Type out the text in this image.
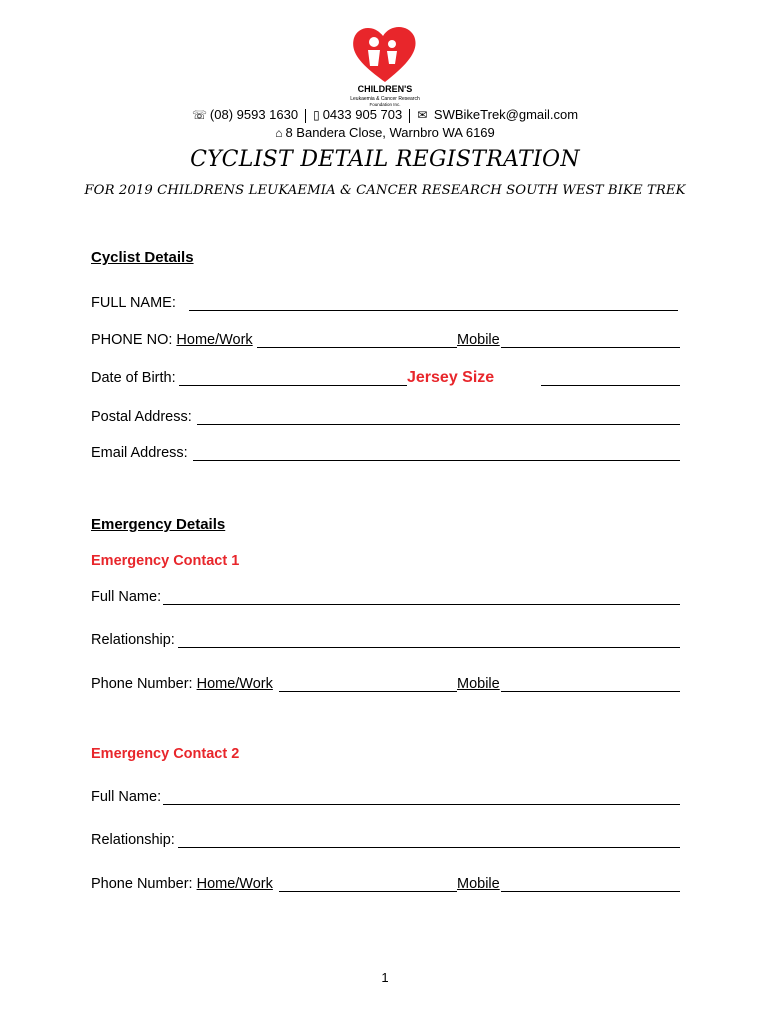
CHILDREN'S
Leukaemia & Cancer Research
Foundation Inc.
☏ (08) 9593 1630 ▯ 0433 905 703 ✉ SWBikeTrek@gmail.com
⌂ 8 Bandera Close, Warnbro WA 6169
CYCLIST DETAIL REGISTRATION
FOR 2019 CHILDRENS LEUKAEMIA & CANCER RESEARCH SOUTH WEST BIKE TREK
Cyclist Details
FULL NAME:
PHONE NO: Home/Work	Mobile
Date of Birth:	Jersey Size
Postal Address:
Email Address:
Emergency Details
Emergency Contact 1
Full Name:
Relationship:
Phone Number: Home/Work	Mobile
Emergency Contact 2
Full Name:
Relationship:
Phone Number: Home/Work	Mobile
1
